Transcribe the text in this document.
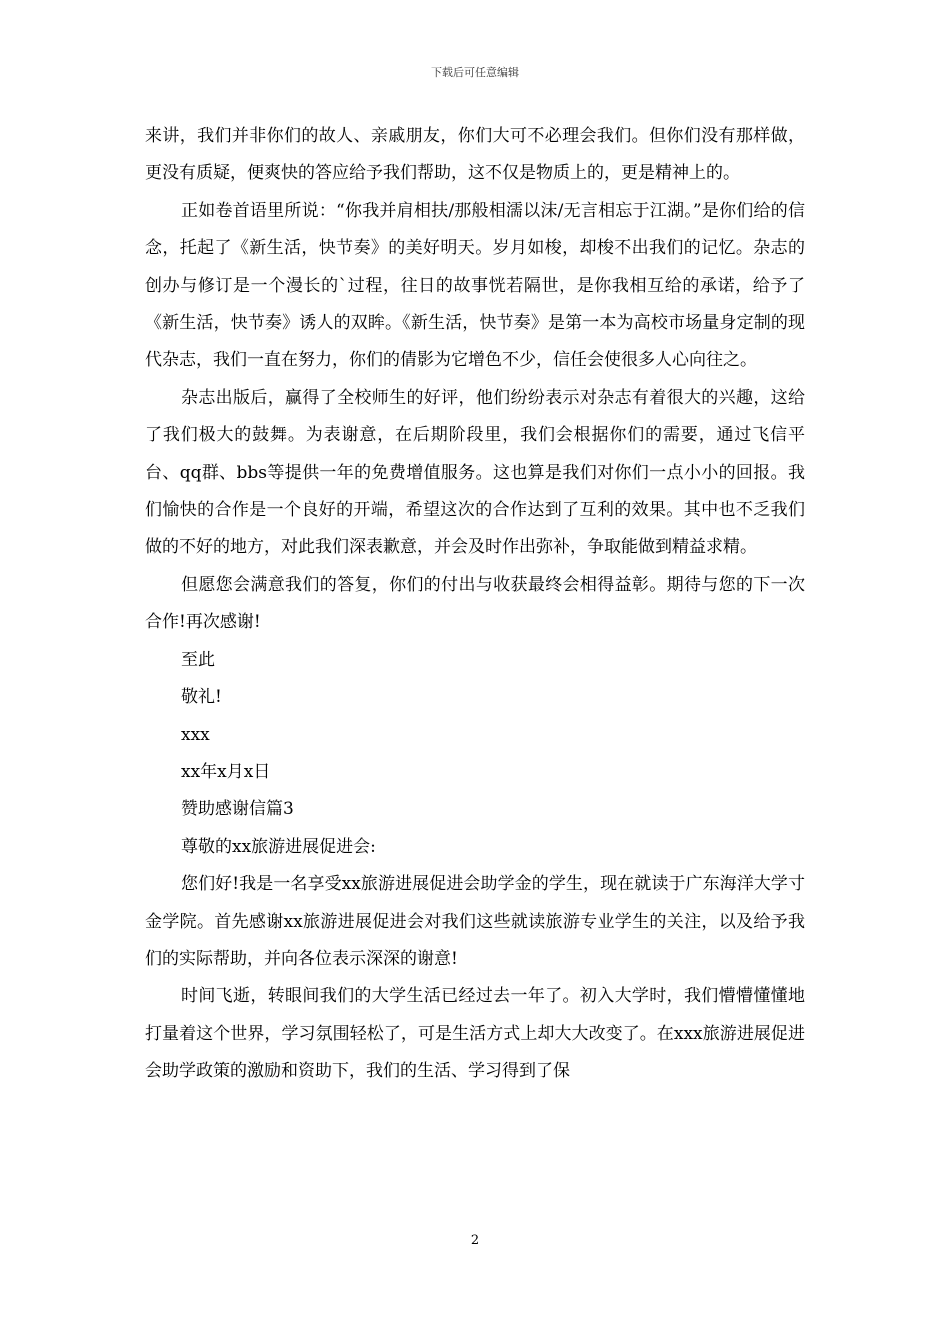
下载后可任意编辑

来讲，我们并非你们的故人、亲戚朋友，你们大可不必理会我们。但你们没有那样做，更没有质疑，便爽快的答应给予我们帮助，这不仅是物质上的，更是精神上的。

正如卷首语里所说：“你我并肩相扶/那般相濡以沫/无言相忘于江湖。”是你们给的信念，托起了《新生活，快节奏》的美好明天。岁月如梭，却梭不出我们的记忆。杂志的创办与修订是一个漫长的`过程，往日的故事恍若隔世，是你我相互给的承诺，给予了《新生活，快节奏》诱人的双眸。《新生活，快节奏》是第一本为高校市场量身定制的现代杂志，我们一直在努力，你们的倩影为它增色不少，信任会使很多人心向往之。

杂志出版后，赢得了全校师生的好评，他们纷纷表示对杂志有着很大的兴趣，这给了我们极大的鼓舞。为表谢意，在后期阶段里，我们会根据你们的需要，通过飞信平台、qq群、bbs等提供一年的免费增值服务。这也算是我们对你们一点小小的回报。我们愉快的合作是一个良好的开端，希望这次的合作达到了互利的效果。其中也不乏我们做的不好的地方，对此我们深表歉意，并会及时作出弥补，争取能做到精益求精。

但愿您会满意我们的答复，你们的付出与收获最终会相得益彰。期待与您的下一次合作!再次感谢!

至此

敬礼!

xxx

xx年x月x日

赞助感谢信篇3

尊敬的xx旅游进展促进会:

您们好!我是一名享受xx旅游进展促进会助学金的学生，现在就读于广东海洋大学寸金学院。首先感谢xx旅游进展促进会对我们这些就读旅游专业学生的关注，以及给予我们的实际帮助，并向各位表示深深的谢意!

时间飞逝，转眼间我们的大学生活已经过去一年了。初入大学时，我们懵懵懂懂地打量着这个世界，学习氛围轻松了，可是生活方式上却大大改变了。在xxx旅游进展促进会助学政策的激励和资助下，我们的生活、学习得到了保

2
